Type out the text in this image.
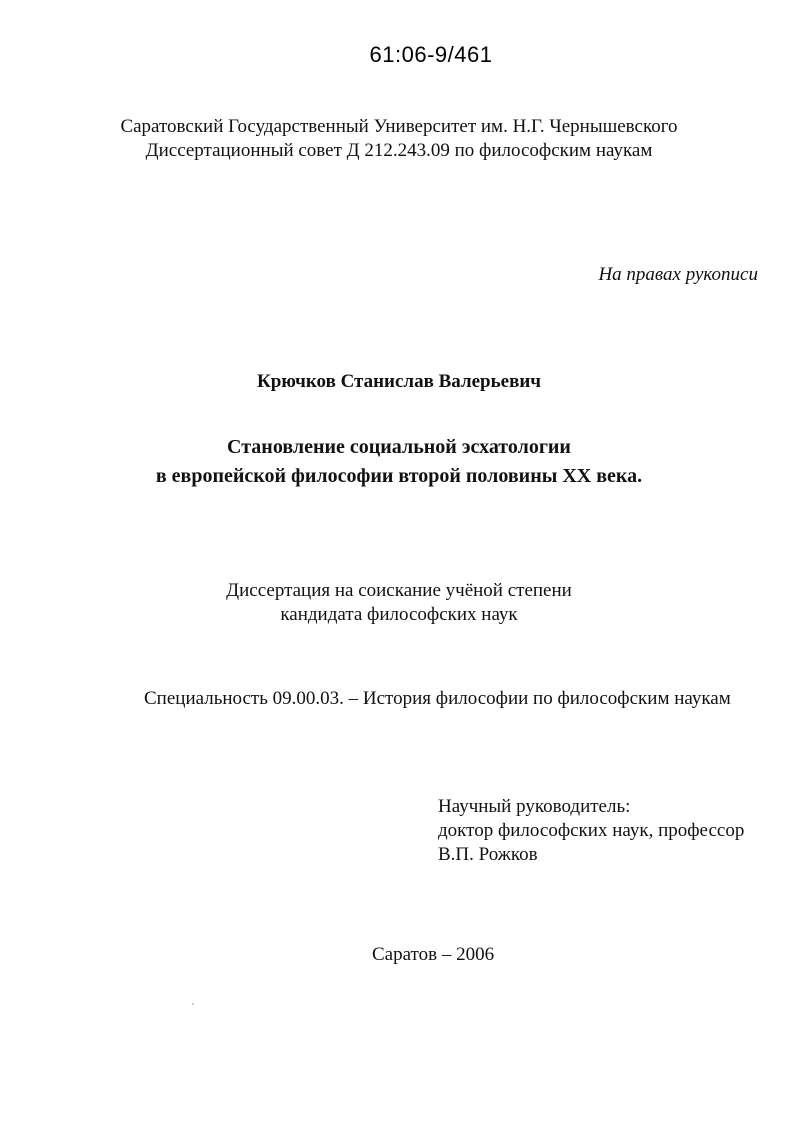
61:06-9/461
Саратовский Государственный Университет им. Н.Г. Чернышевского
Диссертационный совет Д 212.243.09 по философским наукам
На правах рукописи
Крючков Станислав Валерьевич
Становление социальной эсхатологии
в европейской философии второй половины XX века.
Диссертация на соискание учёной степени
кандидата философских наук
Специальность 09.00.03. – История философии по философским наукам
Научный руководитель:
доктор философских наук, профессор
В.П. Рожков
Саратов – 2006
